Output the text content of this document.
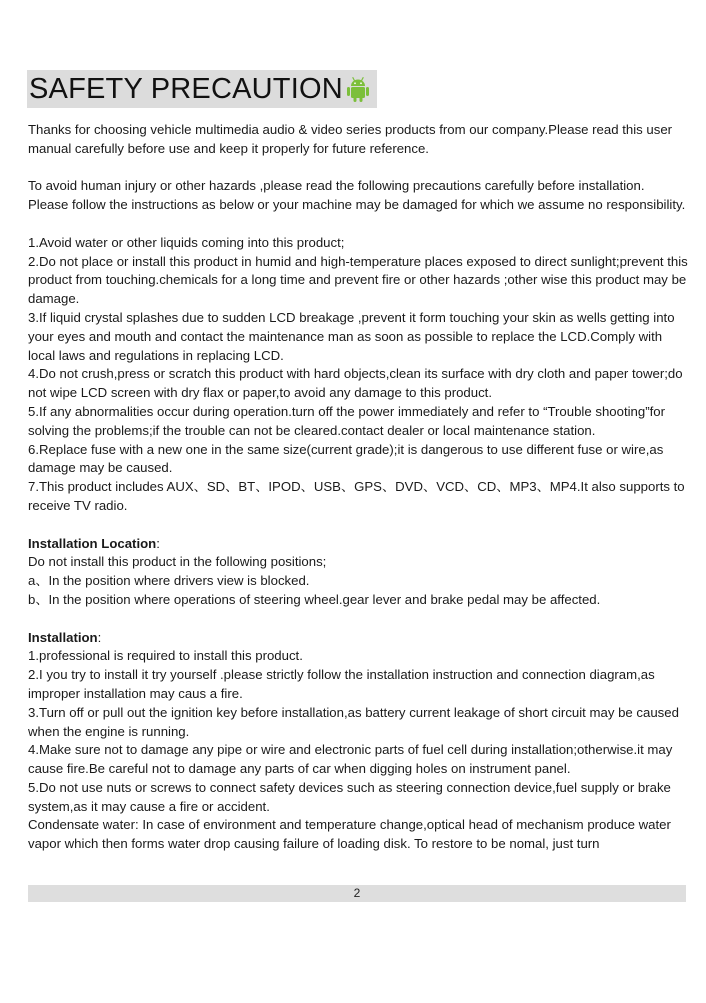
SAFETY PRECAUTION

Thanks for choosing vehicle multimedia audio & video series products from our company.Please read this user manual carefully before use and keep it properly for future reference.

To avoid human injury or other hazards ,please read the following precautions carefully before installation.

Please follow the instructions as below or your machine may be damaged for which we assume no responsibility.

1.Avoid water or other liquids coming into this product;

2.Do not place or install this product in humid and high-temperature places exposed to direct sunlight;prevent this product from touching.chemicals for a long time and prevent fire or other hazards ;other wise this product may be damage.

3.If liquid crystal splashes due to sudden LCD breakage ,prevent it form touching your skin as wells getting into your eyes and mouth and contact the maintenance man as soon as possible to replace the LCD.Comply with local laws and regulations in replacing LCD.

4.Do not crush,press or scratch this product with hard objects,clean its surface with dry cloth and paper tower;do not wipe LCD screen with dry flax or paper,to avoid any damage to this product.

5.If any abnormalities occur during operation.turn off the power immediately and refer to “Trouble shooting”for solving the problems;if the trouble can not be cleared.contact dealer or local maintenance station.

6.Replace fuse with a new one in the same size(current grade);it is dangerous to use different fuse or wire,as damage may be caused.

7.This product includes AUX、SD、BT、IPOD、USB、GPS、DVD、VCD、CD、MP3、MP4.It also supports to receive TV radio.

Installation Location:

Do not install this product in the following positions;

a、In the position where drivers view is blocked.

b、In the position where operations of steering wheel.gear lever and brake pedal may be affected.

Installation:

1.professional is required to install this product.

2.I you try to install it try yourself .please strictly follow the installation instruction and connection diagram,as improper installation may caus a fire.

3.Turn off or pull out the ignition key before installation,as battery current leakage of short circuit may be caused when the engine is running.

4.Make sure not to damage any pipe or wire and electronic parts of fuel cell during installation;otherwise.it may cause fire.Be careful not to damage any parts of car when digging holes on instrument panel.

5.Do not use nuts or screws to connect safety devices such as steering connection device,fuel supply or brake system,as it may cause a fire or accident.

Condensate water: In case of environment and temperature change,optical head of mechanism produce water vapor which then forms water drop causing failure of loading disk. To restore to be nomal, just turn

2
